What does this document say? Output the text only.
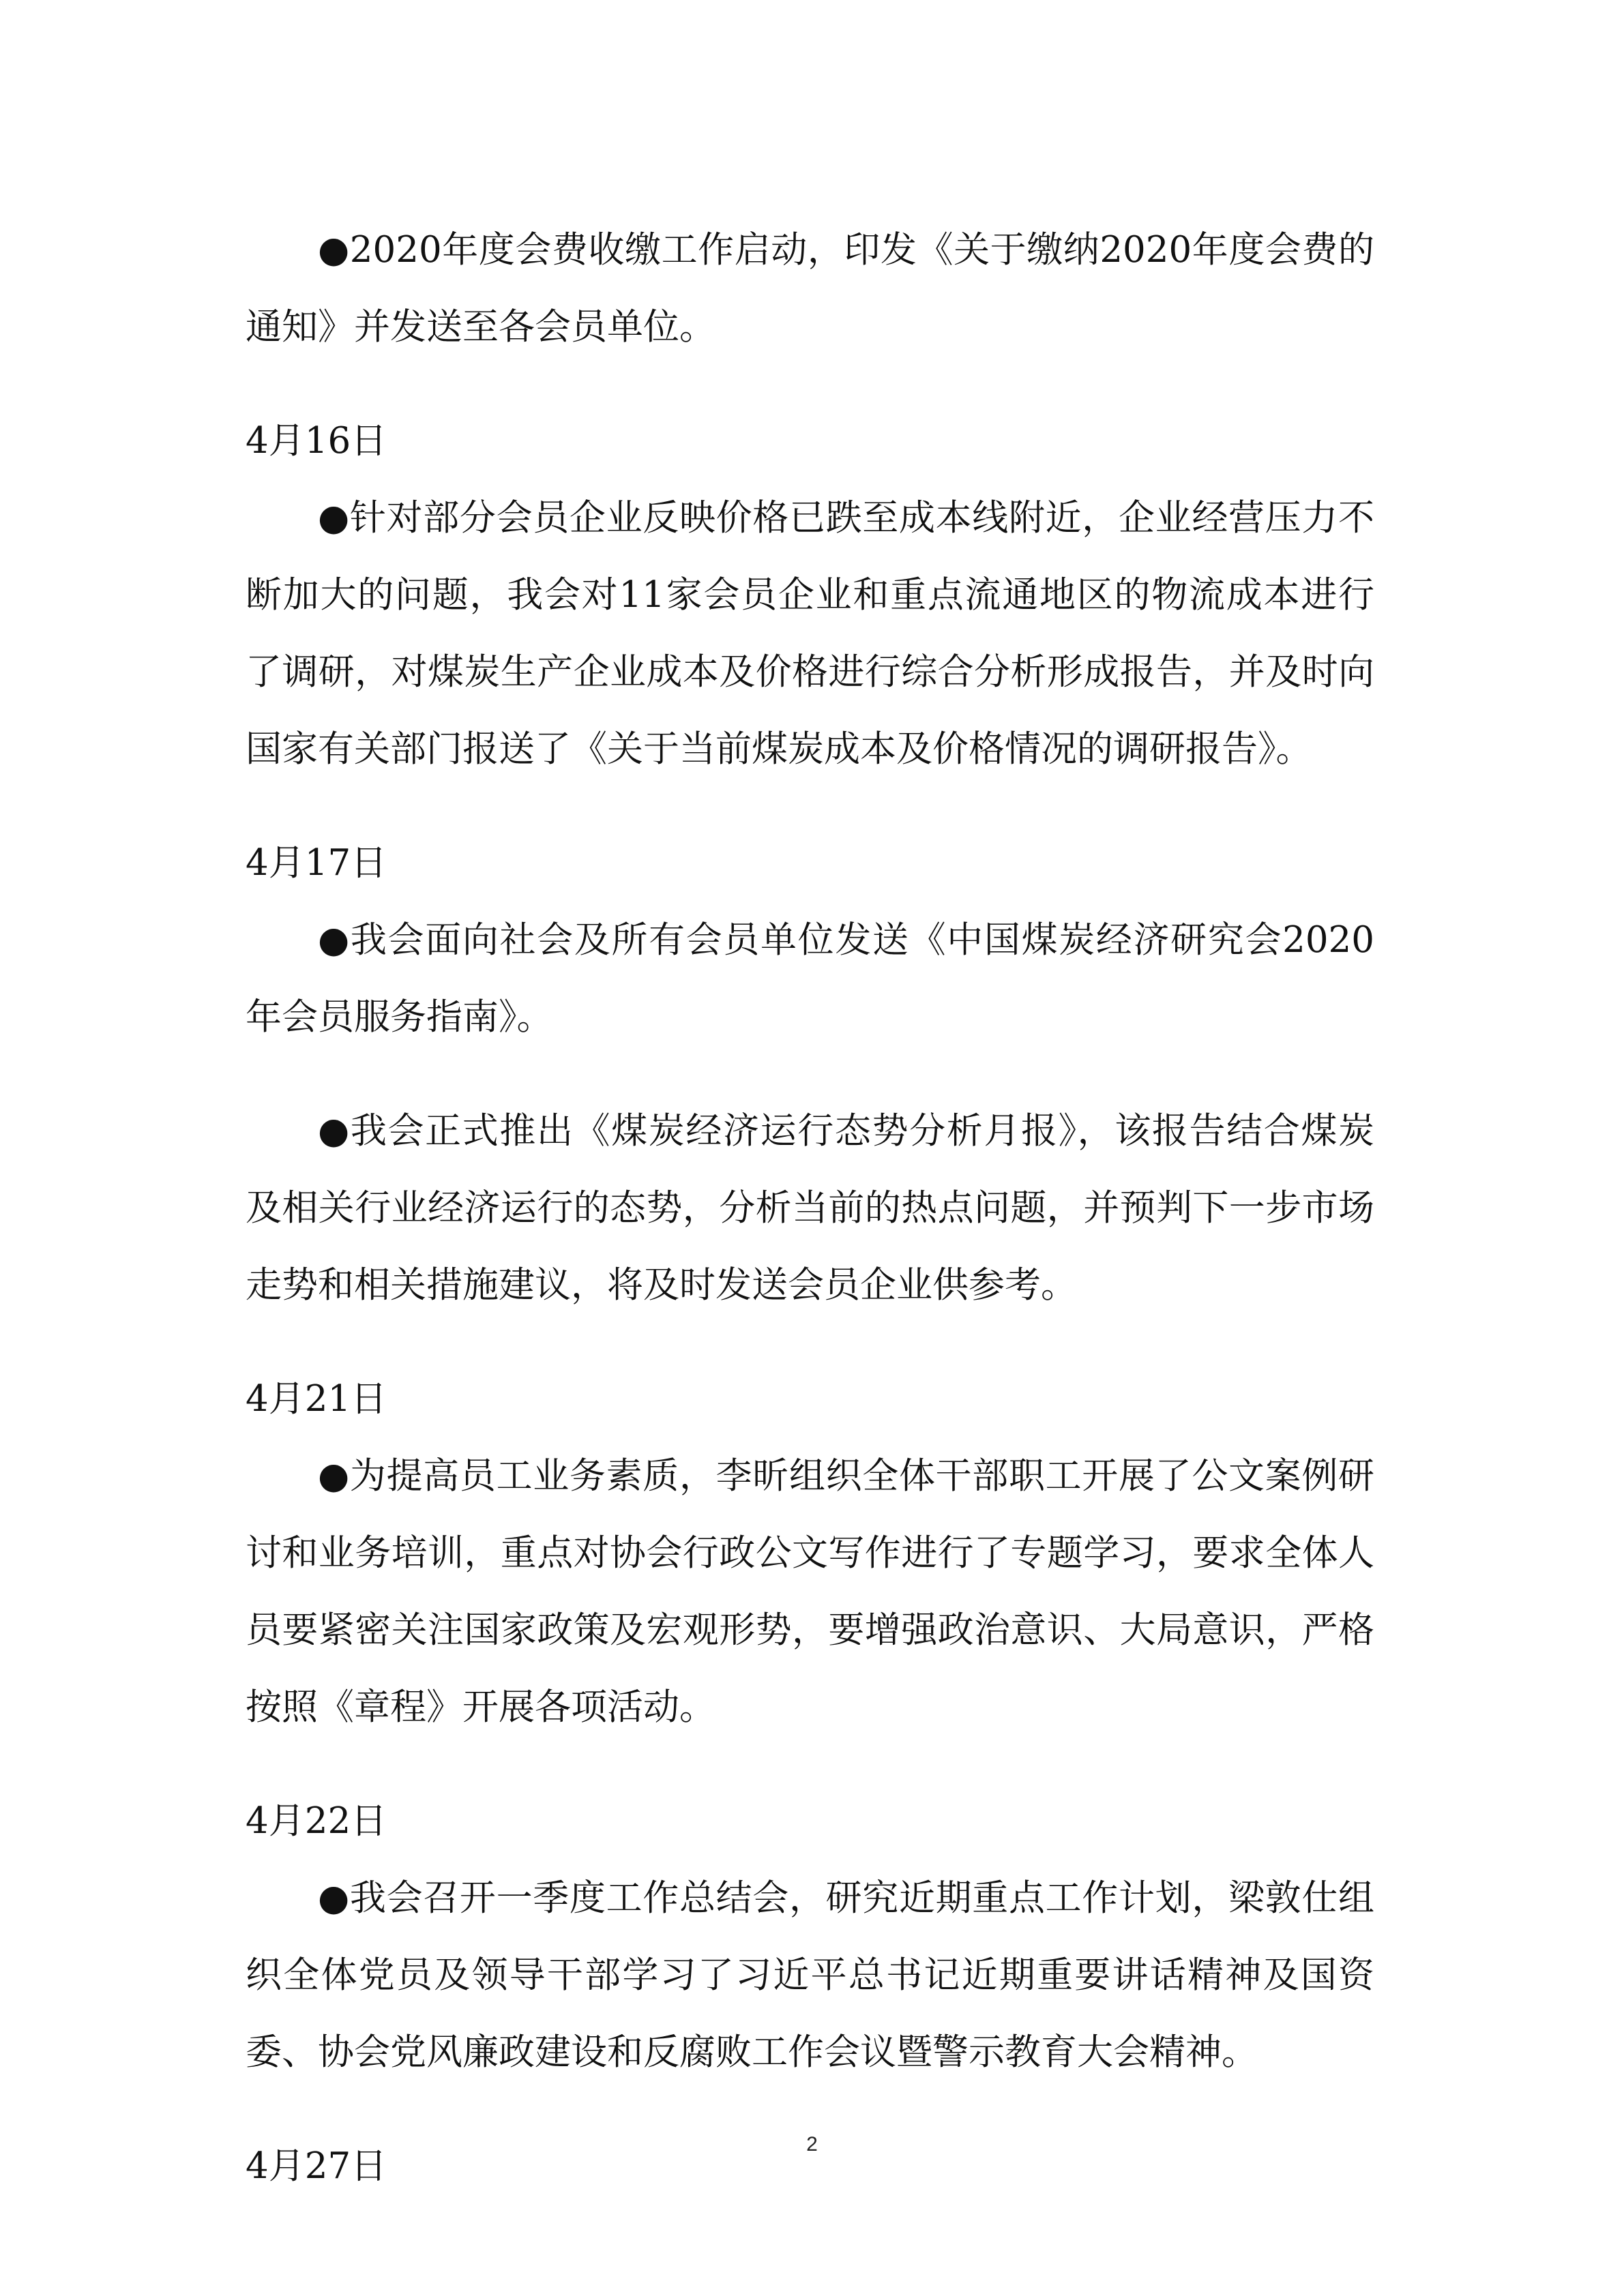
●2020年度会费收缴工作启动，印发《关于缴纳2020年度会费的通知》并发送至各会员单位。

4月16日

●针对部分会员企业反映价格已跌至成本线附近，企业经营压力不断加大的问题，我会对11家会员企业和重点流通地区的物流成本进行了调研，对煤炭生产企业成本及价格进行综合分析形成报告，并及时向国家有关部门报送了《关于当前煤炭成本及价格情况的调研报告》。

4月17日

●我会面向社会及所有会员单位发送《中国煤炭经济研究会2020年会员服务指南》。

●我会正式推出《煤炭经济运行态势分析月报》，该报告结合煤炭及相关行业经济运行的态势，分析当前的热点问题，并预判下一步市场走势和相关措施建议，将及时发送会员企业供参考。

4月21日

●为提高员工业务素质，李昕组织全体干部职工开展了公文案例研讨和业务培训，重点对协会行政公文写作进行了专题学习，要求全体人员要紧密关注国家政策及宏观形势，要增强政治意识、大局意识，严格按照《章程》开展各项活动。

4月22日

●我会召开一季度工作总结会，研究近期重点工作计划，梁敦仕组织全体党员及领导干部学习了习近平总书记近期重要讲话精神及国资委、协会党风廉政建设和反腐败工作会议暨警示教育大会精神。

4月27日

2
